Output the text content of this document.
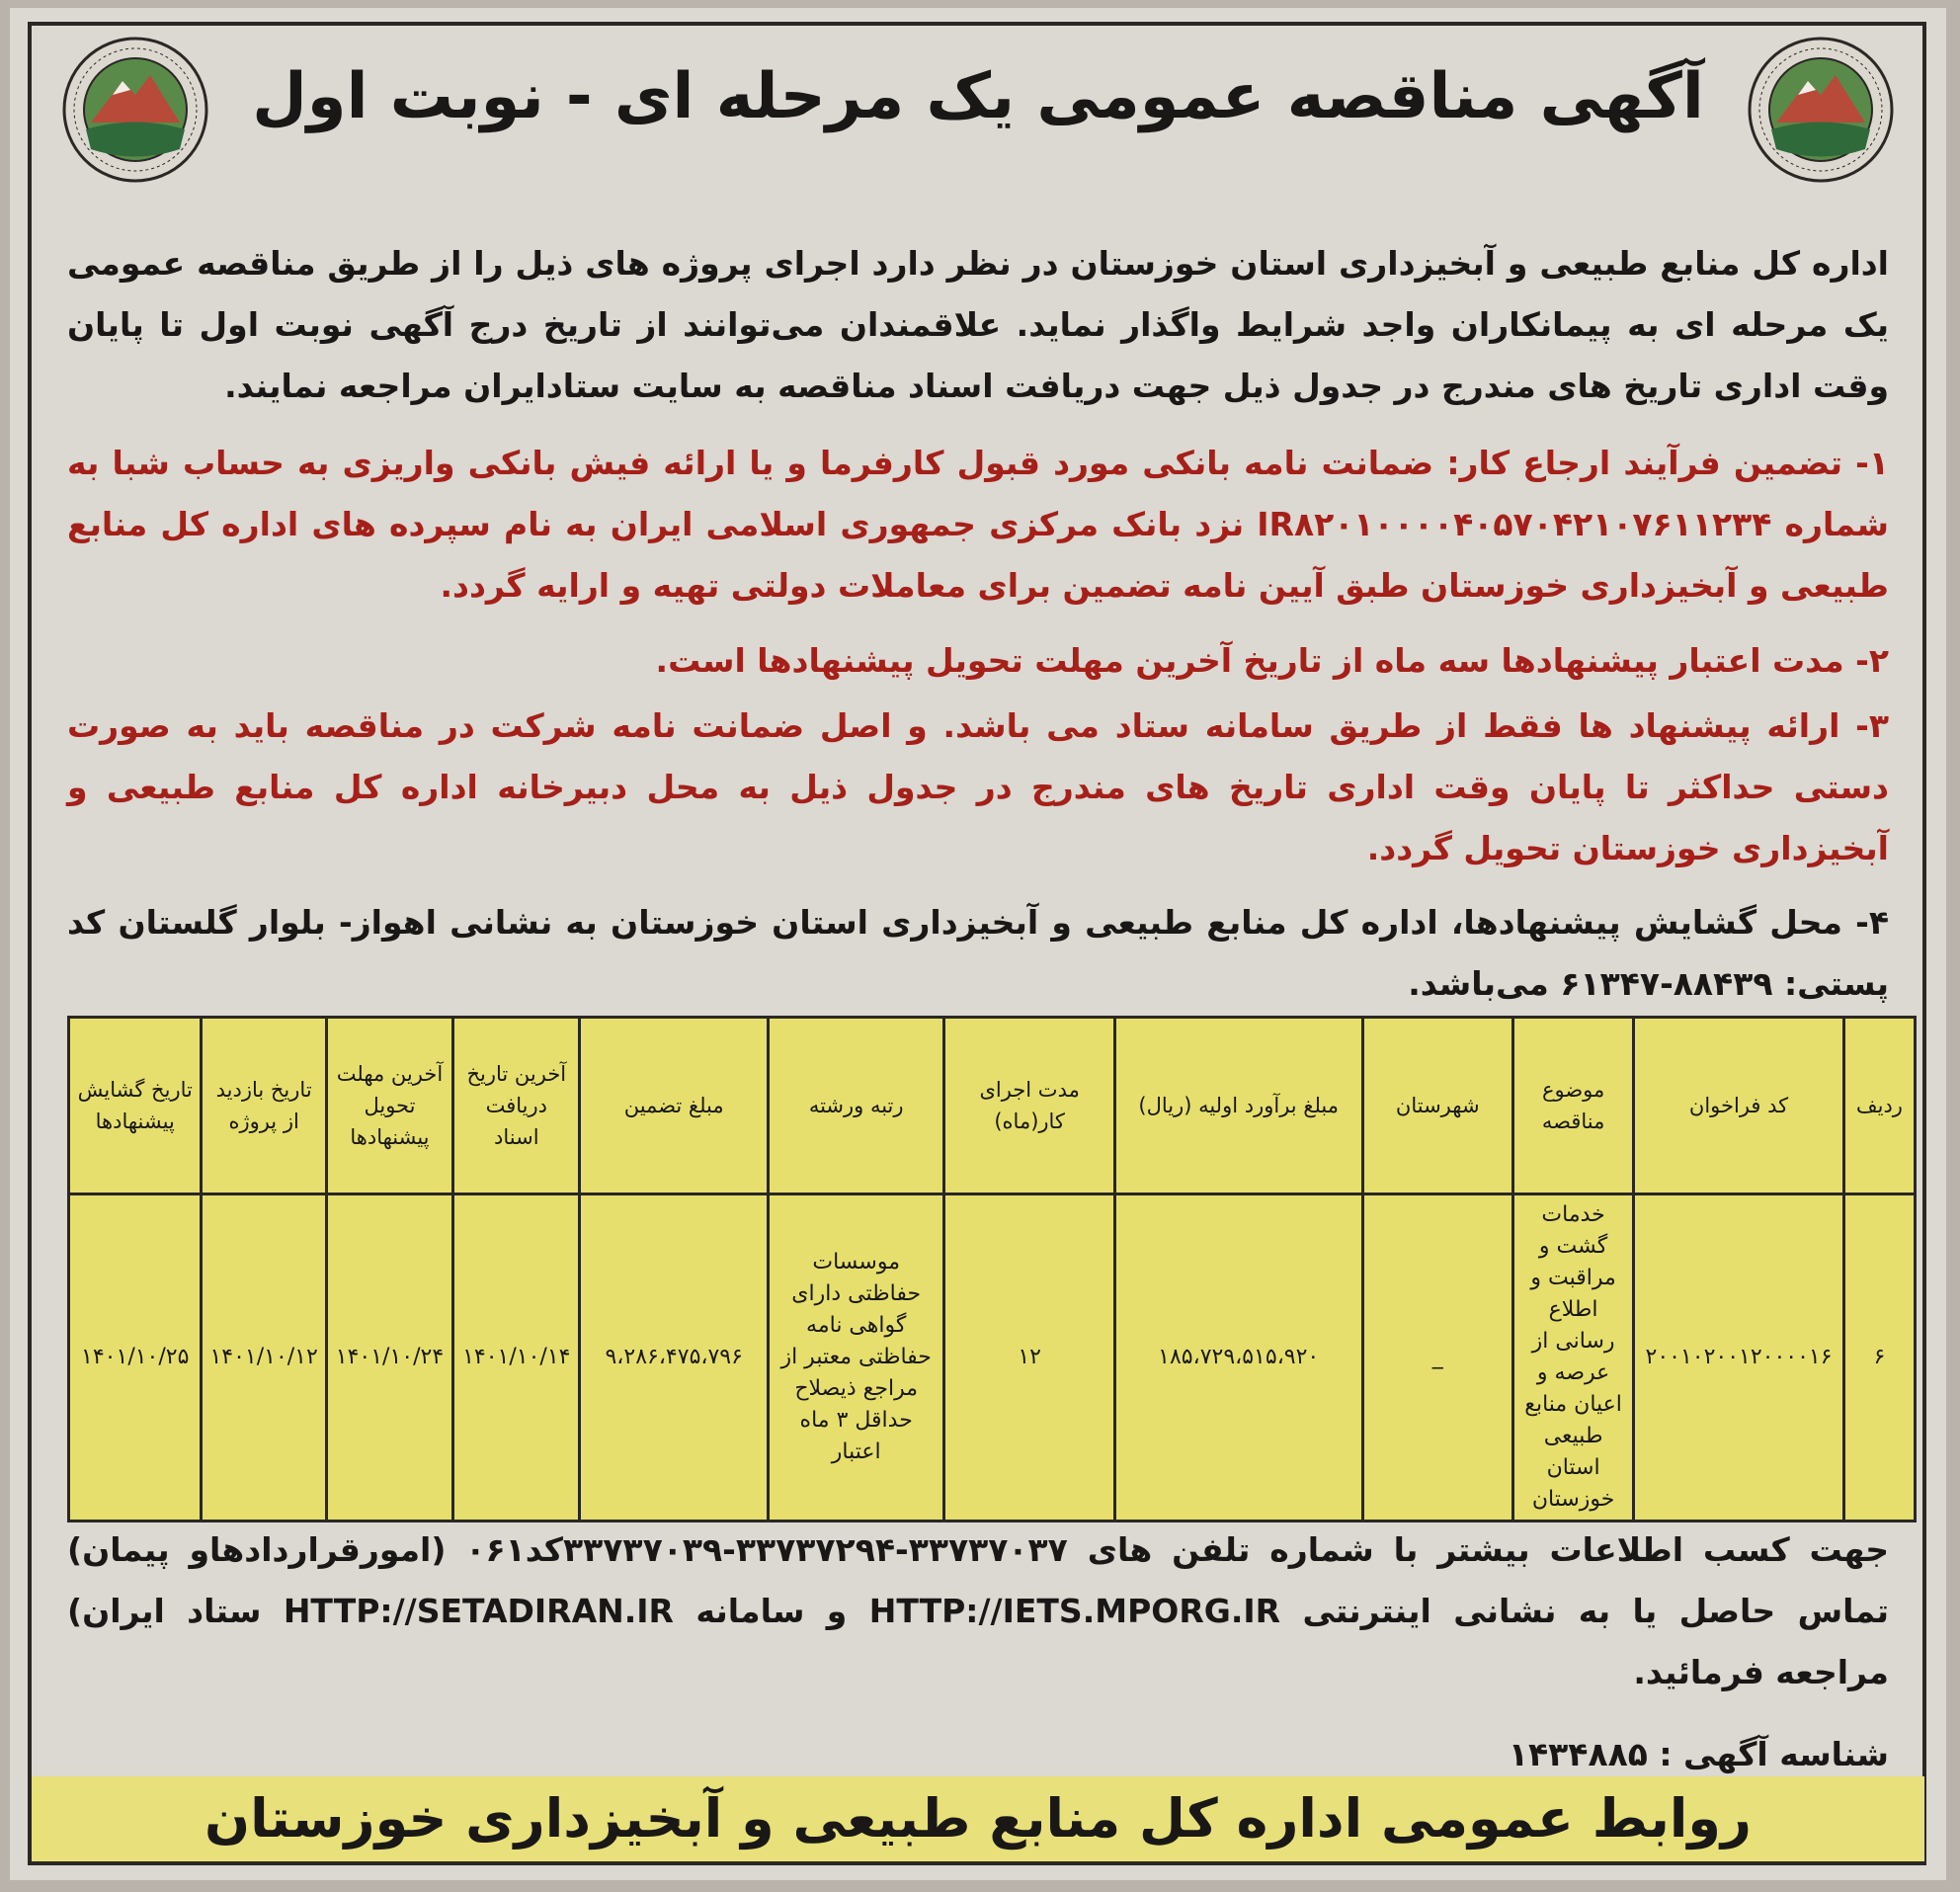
آگهی مناقصه عمومی یک مرحله ای - نوبت اول
اداره کل منابع طبیعی و آبخیزداری استان خوزستان در نظر دارد اجرای پروژه های ذیل را از طریق مناقصه عمومی یک مرحله ای به پیمانکاران واجد شرایط واگذار نماید. علاقمندان می‌توانند از تاریخ درج آگهی نوبت اول تا پایان وقت اداری تاریخ های مندرج در جدول ذیل جهت دریافت اسناد مناقصه به سایت ستادایران مراجعه نمایند.
۱- تضمین فرآیند ارجاع کار: ضمانت نامه بانکی مورد قبول کارفرما و یا ارائه فیش بانکی واریزی به حساب شبا به شماره IR۸۲۰۱۰۰۰۰۴۰۵۷۰۴۲۱۰۷۶۱۱۲۳۴ نزد بانک مرکزی جمهوری اسلامی ایران به نام سپرده های اداره کل منابع طبیعی و آبخیزداری خوزستان طبق آیین نامه تضمین برای معاملات دولتی تهیه و ارایه گردد.
۲- مدت اعتبار پیشنهادها سه ماه از تاریخ آخرین مهلت تحویل پیشنهادها است.
۳- ارائه پیشنهاد ها فقط از طریق سامانه ستاد می باشد. و اصل ضمانت نامه شرکت در مناقصه باید به صورت دستی حداکثر تا پایان وقت اداری تاریخ های مندرج در جدول ذیل به محل دبیرخانه اداره کل منابع طبیعی و آبخیزداری خوزستان تحویل گردد.
۴- محل گشایش پیشنهادها، اداره کل منابع طبیعی و آبخیزداری استان خوزستان به نشانی اهواز- بلوار گلستان کد پستی: ۸۸۴۳۹-۶۱۳۴۷ می‌باشد.
ردیف	کد فراخوان	موضوع مناقصه	شهرستان	مبلغ برآورد اولیه (ریال)	مدت اجرای کار(ماه)	رتبه ورشته	مبلغ تضمین	آخرین تاریخ دریافت اسناد	آخرین مهلت تحویل پیشنهادها	تاریخ بازدید از پروژه	تاریخ گشایش پیشنهادها
۶	۲۰۰۱۰۲۰۰۱۲۰۰۰۰۱۶	خدمات گشت و مراقبت و اطلاع رسانی از عرصه و اعیان منابع طبیعی استان خوزستان	_	۱۸۵،۷۲۹،۵۱۵،۹۲۰	۱۲	موسسات حفاظتی دارای گواهی نامه حفاظتی معتبر از مراجع ذیصلاح حداقل ۳ ماه اعتبار	۹،۲۸۶،۴۷۵،۷۹۶	۱۴۰۱/۱۰/۱۴	۱۴۰۱/۱۰/۲۴	۱۴۰۱/۱۰/۱۲	۱۴۰۱/۱۰/۲۵
جهت کسب اطلاعات بیشتر با شماره تلفن های ۳۳۷۳۷۰۳۷-۳۳۷۳۷۲۹۴-۳۳۷۳۷۰۳۹کد۰۶۱ (امورقراردادهاو پیمان) تماس حاصل یا به نشانی اینترنتی HTTP://IETS.MPORG.IR و سامانه HTTP://SETADIRAN.IR ستاد ایران) مراجعه فرمائید.
شناسه آگهی : ۱۴۳۴۸۸۵
روابط عمومی اداره کل منابع طبیعی و آبخیزداری خوزستان
